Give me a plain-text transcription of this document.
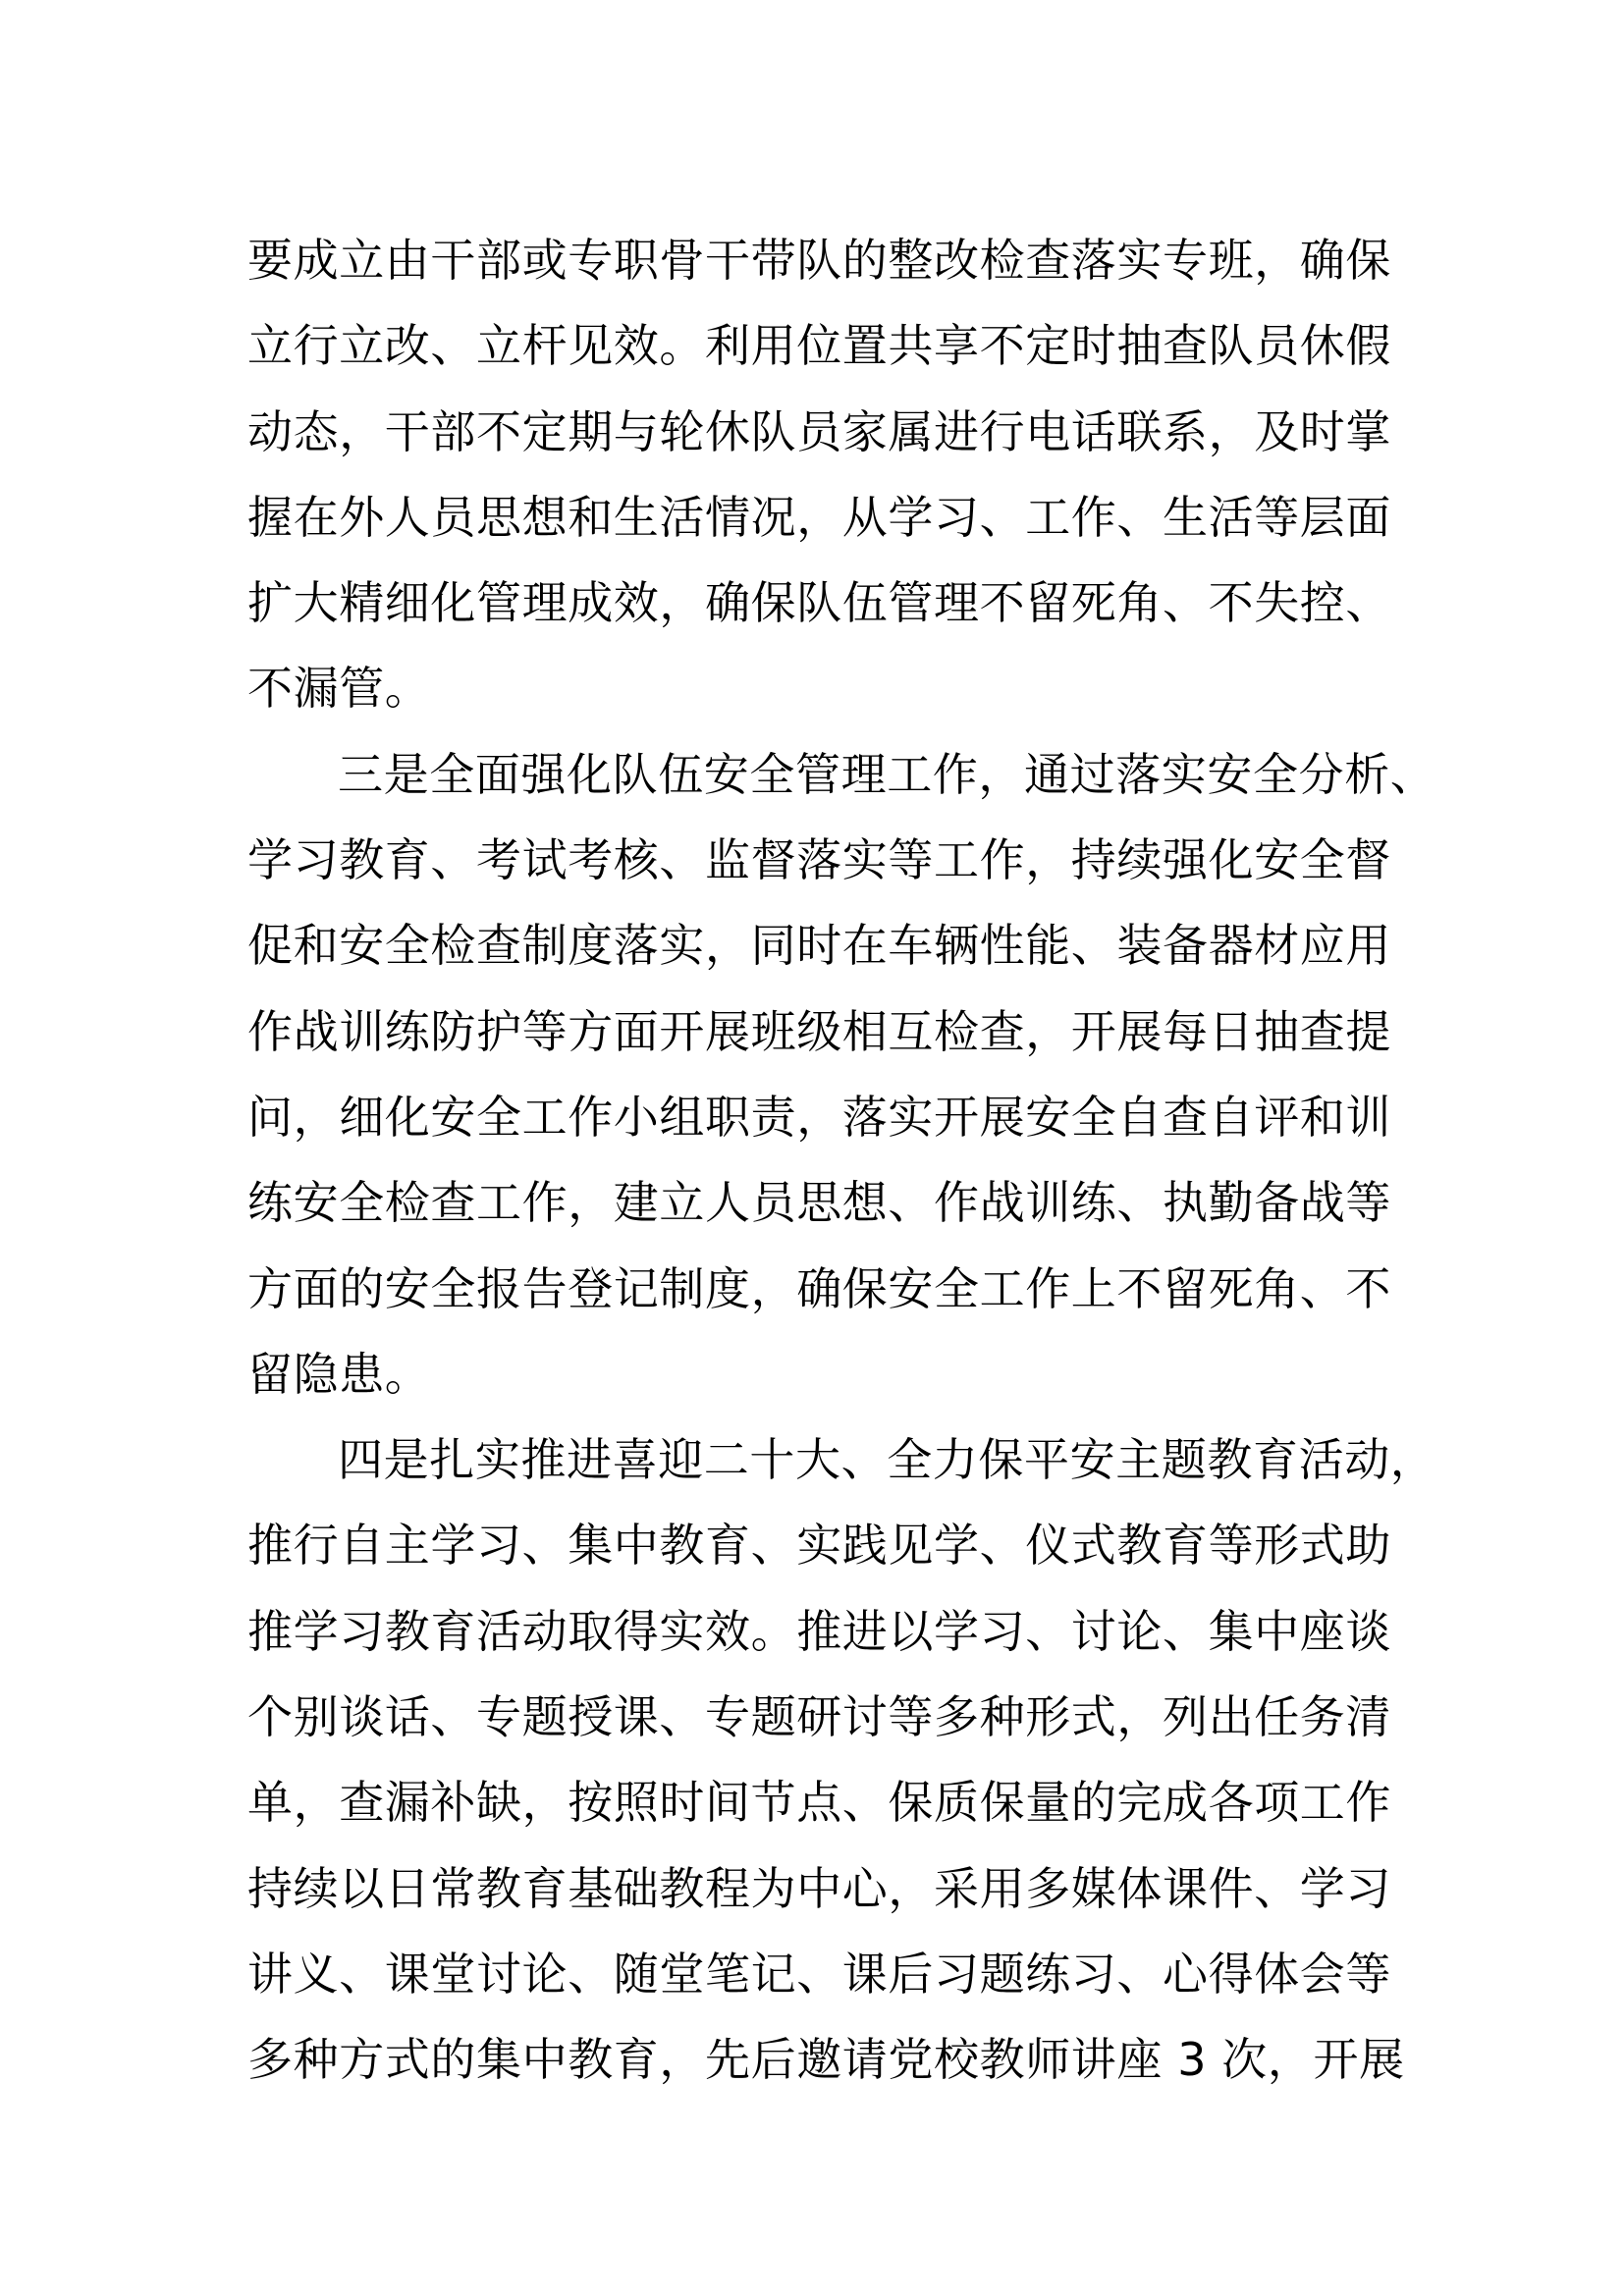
要成立由干部或专职骨干带队的整改检查落实专班，确保
立行立改、立杆见效。利用位置共享不定时抽查队员休假
动态，干部不定期与轮休队员家属进行电话联系，及时掌
握在外人员思想和生活情况，从学习、工作、生活等层面
扩大精细化管理成效，确保队伍管理不留死角、不失控、
不漏管。
三是全面强化队伍安全管理工作，通过落实安全分析、
学习教育、考试考核、监督落实等工作，持续强化安全督
促和安全检查制度落实，同时在车辆性能、装备器材应用
作战训练防护等方面开展班级相互检查，开展每日抽查提
问，细化安全工作小组职责，落实开展安全自查自评和训
练安全检查工作，建立人员思想、作战训练、执勤备战等
方面的安全报告登记制度，确保安全工作上不留死角、不
留隐患。
四是扎实推进喜迎二十大、全力保平安主题教育活动，
推行自主学习、集中教育、实践见学、仪式教育等形式助
推学习教育活动取得实效。推进以学习、讨论、集中座谈
个别谈话、专题授课、专题研讨等多种形式，列出任务清
单，查漏补缺，按照时间节点、保质保量的完成各项工作
持续以日常教育基础教程为中心，采用多媒体课件、学习
讲义、课堂讨论、随堂笔记、课后习题练习、心得体会等
多种方式的集中教育，先后邀请党校教师讲座 3 次，开展
